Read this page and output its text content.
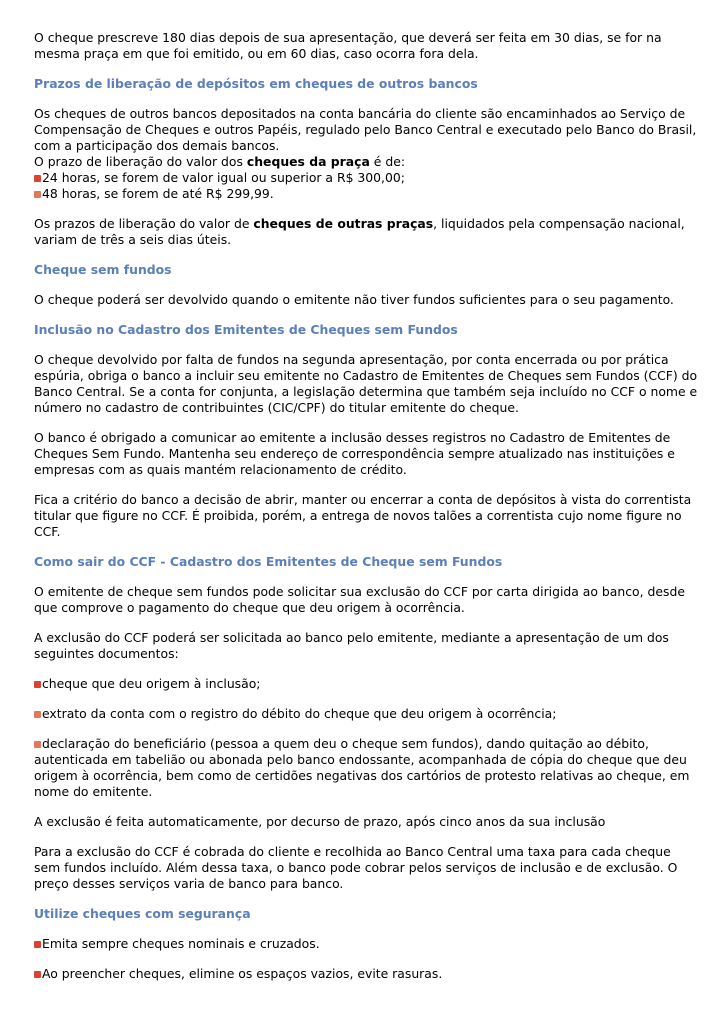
O cheque prescreve 180 dias depois de sua apresentação, que deverá ser feita em 30 dias, se for na mesma praça em que foi emitido, ou em 60 dias, caso ocorra fora dela.

Prazos de liberação de depósitos em cheques de outros bancos

Os cheques de outros bancos depositados na conta bancária do cliente são encaminhados ao Serviço de Compensação de Cheques e outros Papéis, regulado pelo Banco Central e executado pelo Banco do Brasil, com a participação dos demais bancos.
O prazo de liberação do valor dos cheques da praça é de:
24 horas, se forem de valor igual ou superior a R$ 300,00;
48 horas, se forem de até R$ 299,99.

Os prazos de liberação do valor de cheques de outras praças, liquidados pela compensação nacional, variam de três a seis dias úteis.

Cheque sem fundos

O cheque poderá ser devolvido quando o emitente não tiver fundos suficientes para o seu pagamento.

Inclusão no Cadastro dos Emitentes de Cheques sem Fundos

O cheque devolvido por falta de fundos na segunda apresentação, por conta encerrada ou por prática espúria, obriga o banco a incluir seu emitente no Cadastro de Emitentes de Cheques sem Fundos (CCF) do Banco Central. Se a conta for conjunta, a legislação determina que também seja incluído no CCF o nome e número no cadastro de contribuintes (CIC/CPF) do titular emitente do cheque.

O banco é obrigado a comunicar ao emitente a inclusão desses registros no Cadastro de Emitentes de Cheques Sem Fundo. Mantenha seu endereço de correspondência sempre atualizado nas instituições e empresas com as quais mantém relacionamento de crédito.

Fica a critério do banco a decisão de abrir, manter ou encerrar a conta de depósitos à vista do correntista titular que figure no CCF. É proibida, porém, a entrega de novos talões a correntista cujo nome figure no CCF.

Como sair do CCF - Cadastro dos Emitentes de Cheque sem Fundos

O emitente de cheque sem fundos pode solicitar sua exclusão do CCF por carta dirigida ao banco, desde que comprove o pagamento do cheque que deu origem à ocorrência.

A exclusão do CCF poderá ser solicitada ao banco pelo emitente, mediante a apresentação de um dos seguintes documentos:

cheque que deu origem à inclusão;

extrato da conta com o registro do débito do cheque que deu origem à ocorrência;

declaração do beneficiário (pessoa a quem deu o cheque sem fundos), dando quitação ao débito, autenticada em tabelião ou abonada pelo banco endossante, acompanhada de cópia do cheque que deu origem à ocorrência, bem como de certidões negativas dos cartórios de protesto relativas ao cheque, em nome do emitente.

A exclusão é feita automaticamente, por decurso de prazo, após cinco anos da sua inclusão

Para a exclusão do CCF é cobrada do cliente e recolhida ao Banco Central uma taxa para cada cheque sem fundos incluído. Além dessa taxa, o banco pode cobrar pelos serviços de inclusão e de exclusão. O preço desses serviços varia de banco para banco.

Utilize cheques com segurança

Emita sempre cheques nominais e cruzados.

Ao preencher cheques, elimine os espaços vazios, evite rasuras.
